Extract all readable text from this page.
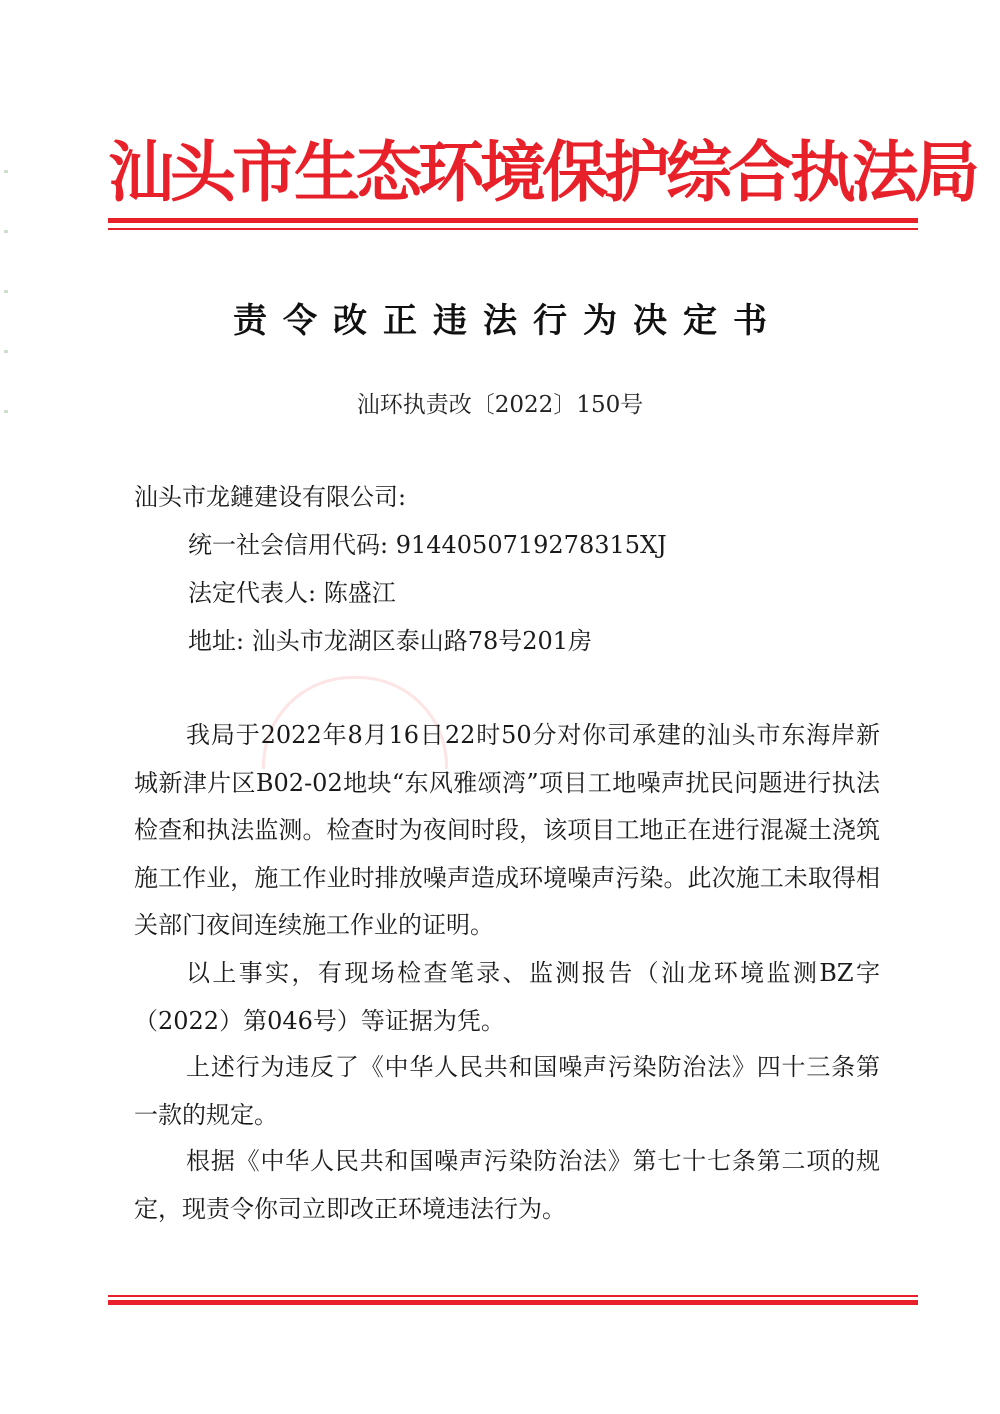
汕头市生态环境保护综合执法局
责令改正违法行为决定书
汕环执责改〔2022〕150号
汕头市龙鏈建设有限公司:
统一社会信用代码: 9144050719278315XJ
法定代表人: 陈盛江
地址: 汕头市龙湖区泰山路78号201房
我局于2022年8月16日22时50分对你司承建的汕头市东海岸新城新津片区B02-02地块“东风雅颂湾”项目工地噪声扰民问题进行执法检查和执法监测。检查时为夜间时段，该项目工地正在进行混凝土浇筑施工作业，施工作业时排放噪声造成环境噪声污染。此次施工未取得相关部门夜间连续施工作业的证明。
以上事实，有现场检查笔录、监测报告（汕龙环境监测BZ字（2022）第046号）等证据为凭。
上述行为违反了《中华人民共和国噪声污染防治法》四十三条第一款的规定。
根据《中华人民共和国噪声污染防治法》第七十七条第二项的规定，现责令你司立即改正环境违法行为。
